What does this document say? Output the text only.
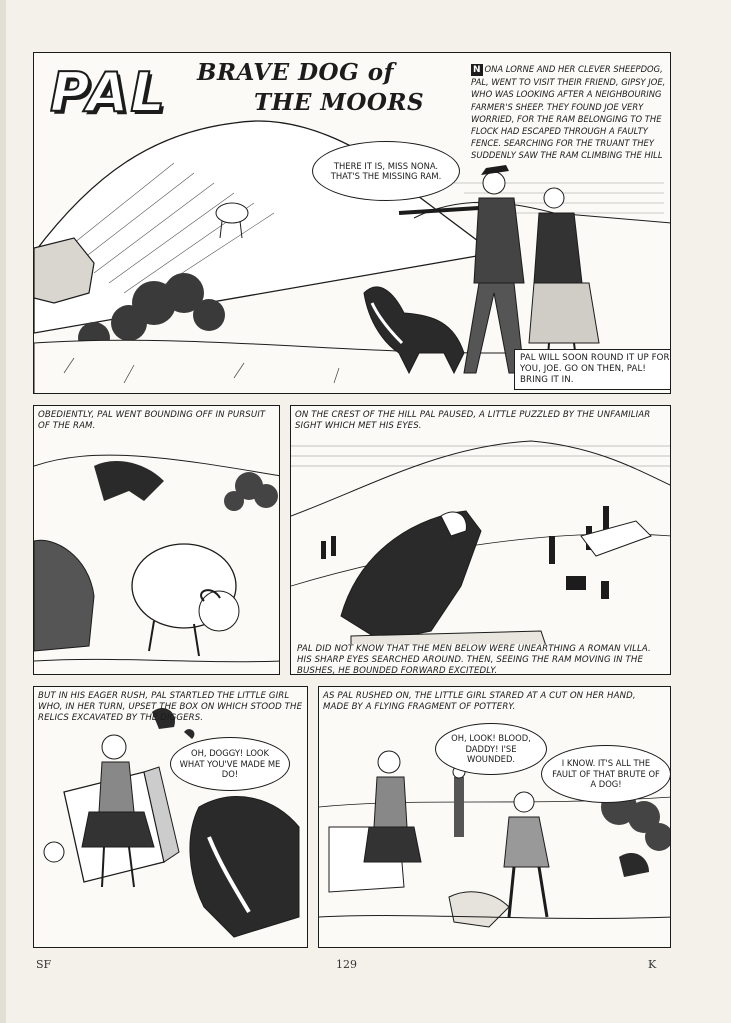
PAL BRAVE DOG of
THE MOORS
N ONA LORNE AND HER CLEVER SHEEPDOG, PAL, WENT TO VISIT THEIR FRIEND, GIPSY JOE, WHO WAS LOOKING AFTER A NEIGHBOURING FARMER'S SHEEP. THEY FOUND JOE VERY WORRIED, FOR THE RAM BELONGING TO THE FLOCK HAD ESCAPED THROUGH A FAULTY FENCE. SEARCHING FOR THE TRUANT THEY SUDDENLY SAW THE RAM CLIMBING THE HILL
THERE IT IS, MISS NONA. THAT'S THE MISSING RAM.
PAL WILL SOON ROUND IT UP FOR YOU, JOE. GO ON THEN, PAL! BRING IT IN.
OBEDIENTLY, PAL WENT BOUNDING OFF IN PURSUIT OF THE RAM.
ON THE CREST OF THE HILL PAL PAUSED, A LITTLE PUZZLED BY THE UNFAMILIAR SIGHT WHICH MET HIS EYES.
PAL DID NOT KNOW THAT THE MEN BELOW WERE UNEARTHING A ROMAN VILLA. HIS SHARP EYES SEARCHED AROUND. THEN, SEEING THE RAM MOVING IN THE BUSHES, HE BOUNDED FORWARD EXCITEDLY.
BUT IN HIS EAGER RUSH, PAL STARTLED THE LITTLE GIRL WHO, IN HER TURN, UPSET THE BOX ON WHICH STOOD THE RELICS EXCAVATED BY THE DIGGERS.
OH, DOGGY! LOOK WHAT YOU'VE MADE ME DO!
AS PAL RUSHED ON, THE LITTLE GIRL STARED AT A CUT ON HER HAND, MADE BY A FLYING FRAGMENT OF POTTERY.
OH, LOOK! BLOOD, DADDY! I'SE WOUNDED.	I KNOW. IT'S ALL THE FAULT OF THAT BRUTE OF A DOG!
SF	129	K
